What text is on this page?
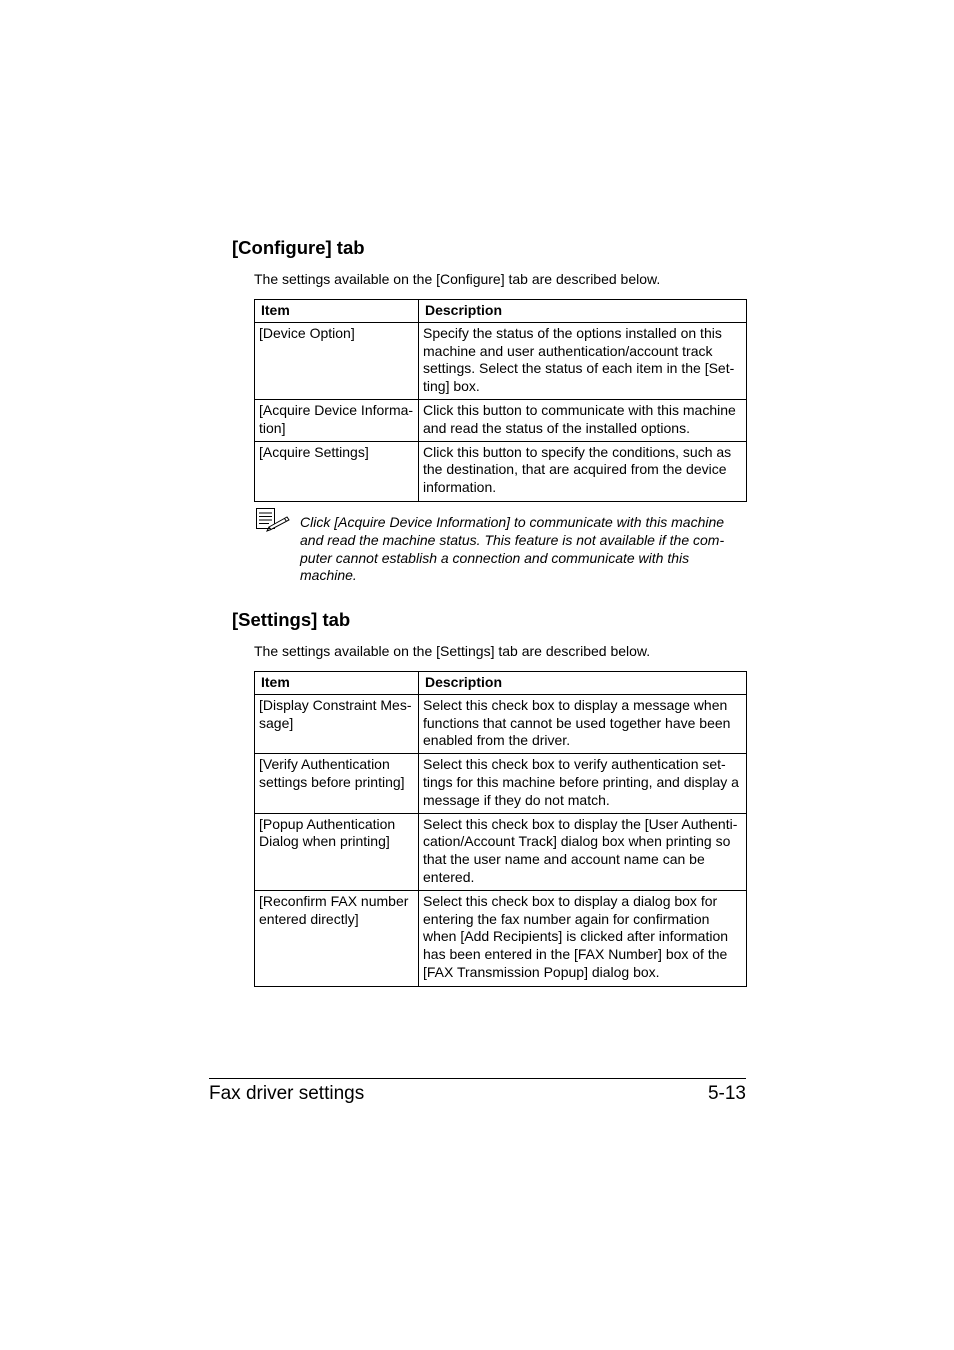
[Configure] tab

The settings available on the [Configure] tab are described below.

Item	Description
[Device Option]	Specify the status of the options installed on this machine and user authentication/account track settings. Select the status of each item in the [Set-ting] box.
[Acquire Device Informa-tion]	Click this button to communicate with this machine and read the status of the installed options.
[Acquire Settings]	Click this button to specify the conditions, such as the destination, that are acquired from the device information.

Click [Acquire Device Information] to communicate with this machine and read the machine status. This feature is not available if the com-puter cannot establish a connection and communicate with this machine.

[Settings] tab

The settings available on the [Settings] tab are described below.

Item	Description
[Display Constraint Mes-sage]	Select this check box to display a message when functions that cannot be used together have been enabled from the driver.
[Verify Authentication settings before printing]	Select this check box to verify authentication set-tings for this machine before printing, and display a message if they do not match.
[Popup Authentication Dialog when printing]	Select this check box to display the [User Authenti-cation/Account Track] dialog box when printing so that the user name and account name can be entered.
[Reconfirm FAX number entered directly]	Select this check box to display a dialog box for entering the fax number again for confirmation when [Add Recipients] is clicked after information has been entered in the [FAX Number] box of the [FAX Transmission Popup] dialog box.

Fax driver settings	5-13
